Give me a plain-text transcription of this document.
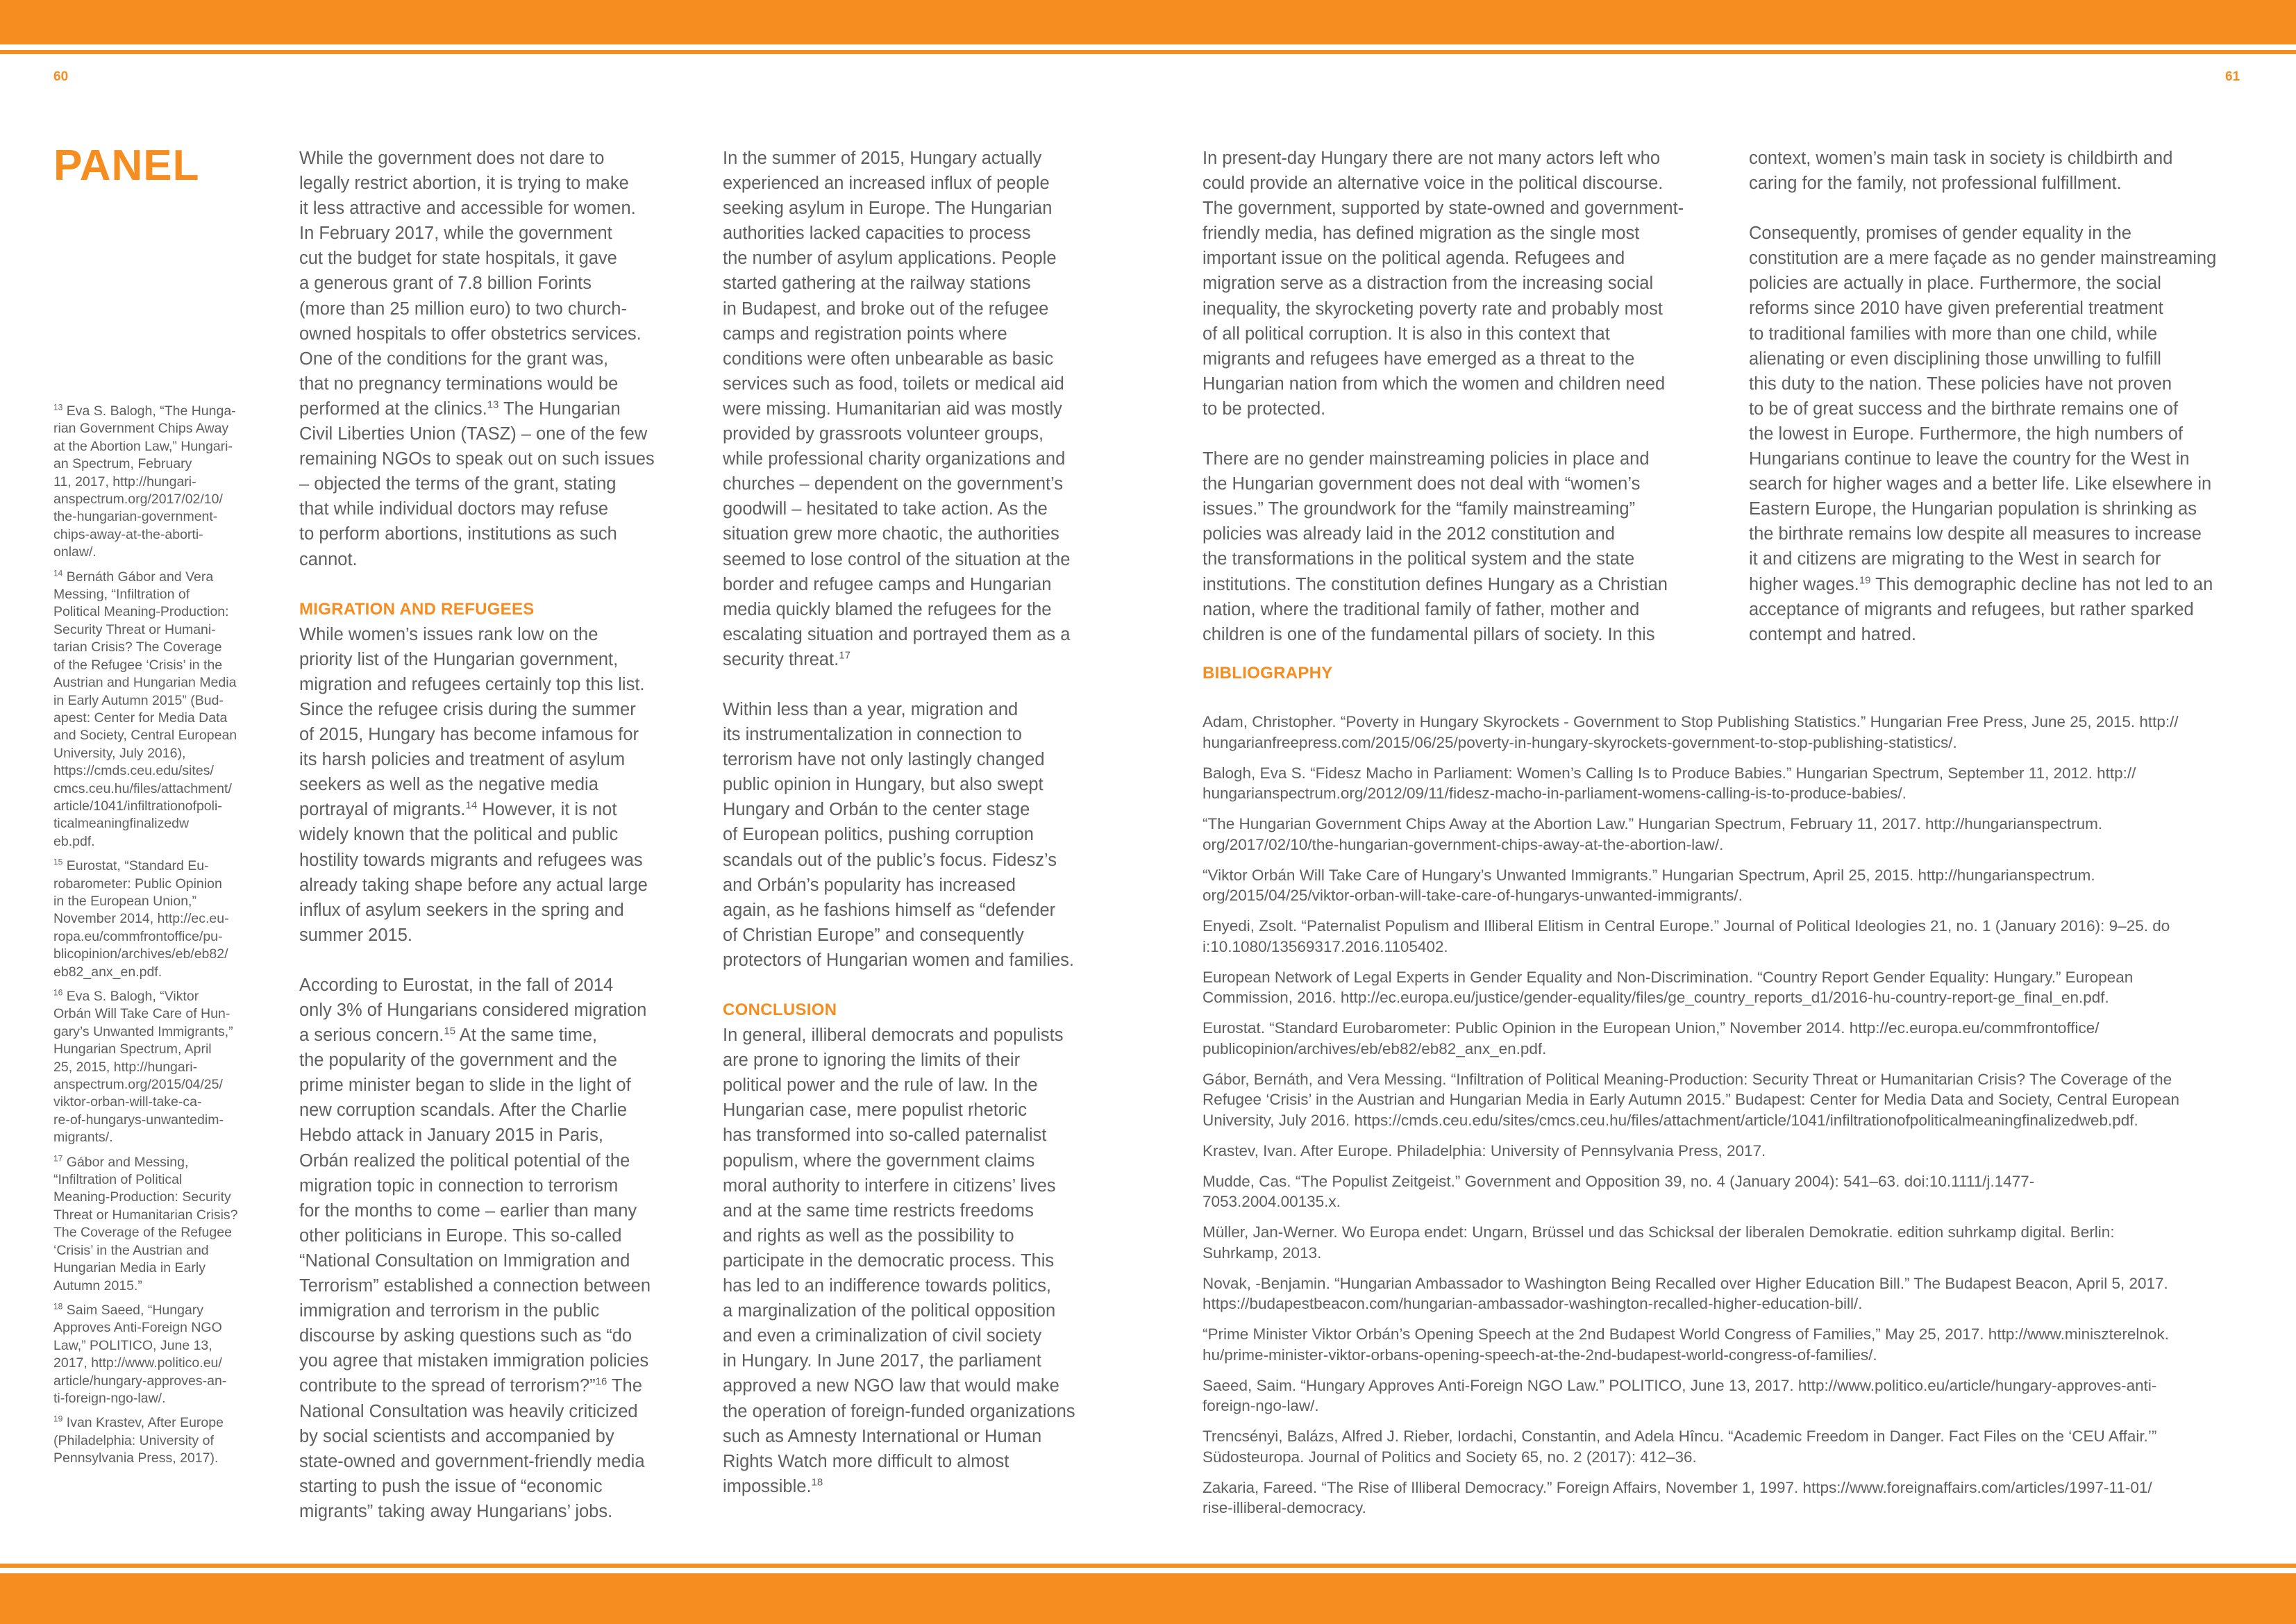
60	61
PANEL

$^{13}$ Eva S. Balogh, “The Hunga-
rian Government Chips Away
at the Abortion Law,” Hungari-
an Spectrum, February
11, 2017, http://hungari-
anspectrum.org/2017/02/10/
the-hungarian-government-
chips-away-at-the-aborti-
onlaw/.

$^{14}$ Bernáth Gábor and Vera
Messing, “Infiltration of
Political Meaning-Production:
Security Threat or Humani-
tarian Crisis? The Coverage
of the Refugee ‘Crisis’ in the
Austrian and Hungarian Media
in Early Autumn 2015” (Bud-
apest: Center for Media Data
and Society, Central European
University, July 2016),
https://cmds.ceu.edu/sites/
cmcs.ceu.hu/files/attachment/
article/1041/infiltrationofpoli-
ticalmeaningfinalizedw
eb.pdf.

$^{15}$ Eurostat, “Standard Eu-
robarometer: Public Opinion
in the European Union,”
November 2014, http://ec.eu-
ropa.eu/commfrontoffice/pu-
blicopinion/archives/eb/eb82/
eb82_anx_en.pdf.

$^{16}$ Eva S. Balogh, “Viktor
Orbán Will Take Care of Hun-
gary’s Unwanted Immigrants,”
Hungarian Spectrum, April
25, 2015, http://hungari-
anspectrum.org/2015/04/25/
viktor-orban-will-take-ca-
re-of-hungarys-unwantedim-
migrants/.

$^{17}$ Gábor and Messing,
“Infiltration of Political
Meaning-Production: Security
Threat or Humanitarian Crisis?
The Coverage of the Refugee
‘Crisis’ in the Austrian and
Hungarian Media in Early
Autumn 2015.”

$^{18}$ Saim Saeed, “Hungary
Approves Anti-Foreign NGO
Law,” POLITICO, June 13,
2017, http://www.politico.eu/
article/hungary-approves-an-
ti-foreign-ngo-law/.

$^{19}$ Ivan Krastev, After Europe
(Philadelphia: University of
Pennsylvania Press, 2017).

While the government does not dare to

legally restrict abortion, it is trying to make

it less attractive and accessible for women.

In February 2017, while the government

cut the budget for state hospitals, it gave

a generous grant of 7.8 billion Forints

(more than 25 million euro) to two church-

owned hospitals to offer obstetrics services.

One of the conditions for the grant was,

that no pregnancy terminations would be

performed at the clinics.$^{13}$ The Hungarian

Civil Liberties Union (TASZ) – one of the few

remaining NGOs to speak out on such issues

– objected the terms of the grant, stating

that while individual doctors may refuse

to perform abortions, institutions as such

cannot.

MIGRATION AND REFUGEES

While women’s issues rank low on the

priority list of the Hungarian government,

migration and refugees certainly top this list.

Since the refugee crisis during the summer

of 2015, Hungary has become infamous for

its harsh policies and treatment of asylum

seekers as well as the negative media

portrayal of migrants.$^{14}$ However, it is not

widely known that the political and public

hostility towards migrants and refugees was

already taking shape before any actual large

influx of asylum seekers in the spring and

summer 2015.

According to Eurostat, in the fall of 2014

only 3% of Hungarians considered migration

a serious concern.$^{15}$ At the same time,

the popularity of the government and the

prime minister began to slide in the light of

new corruption scandals. After the Charlie

Hebdo attack in January 2015 in Paris,

Orbán realized the political potential of the

migration topic in connection to terrorism

for the months to come – earlier than many

other politicians in Europe. This so-called

“National Consultation on Immigration and

Terrorism” established a connection between

immigration and terrorism in the public

discourse by asking questions such as “do

you agree that mistaken immigration policies

contribute to the spread of terrorism?”$^{16}$ The

National Consultation was heavily criticized

by social scientists and accompanied by

state-owned and government-friendly media

starting to push the issue of “economic

migrants” taking away Hungarians’ jobs.

In the summer of 2015, Hungary actually

experienced an increased influx of people

seeking asylum in Europe. The Hungarian

authorities lacked capacities to process

the number of asylum applications. People

started gathering at the railway stations

in Budapest, and broke out of the refugee

camps and registration points where

conditions were often unbearable as basic

services such as food, toilets or medical aid

were missing. Humanitarian aid was mostly

provided by grassroots volunteer groups,

while professional charity organizations and

churches – dependent on the government’s

goodwill – hesitated to take action. As the

situation grew more chaotic, the authorities

seemed to lose control of the situation at the

border and refugee camps and Hungarian

media quickly blamed the refugees for the

escalating situation and portrayed them as a

security threat.$^{17}$

Within less than a year, migration and

its instrumentalization in connection to

terrorism have not only lastingly changed

public opinion in Hungary, but also swept

Hungary and Orbán to the center stage

of European politics, pushing corruption

scandals out of the public’s focus. Fidesz’s

and Orbán’s popularity has increased

again, as he fashions himself as “defender

of Christian Europe” and consequently

protectors of Hungarian women and families.

CONCLUSION

In general, illiberal democrats and populists

are prone to ignoring the limits of their

political power and the rule of law. In the

Hungarian case, mere populist rhetoric

has transformed into so-called paternalist

populism, where the government claims

moral authority to interfere in citizens’ lives

and at the same time restricts freedoms

and rights as well as the possibility to

participate in the democratic process. This

has led to an indifference towards politics,

a marginalization of the political opposition

and even a criminalization of civil society

in Hungary. In June 2017, the parliament

approved a new NGO law that would make

the operation of foreign-funded organizations

such as Amnesty International or Human

Rights Watch more difficult to almost

impossible.$^{18}$

In present-day Hungary there are not many actors left who

could provide an alternative voice in the political discourse.

The government, supported by state-owned and government-

friendly media, has defined migration as the single most

important issue on the political agenda. Refugees and

migration serve as a distraction from the increasing social

inequality, the skyrocketing poverty rate and probably most

of all political corruption. It is also in this context that

migrants and refugees have emerged as a threat to the

Hungarian nation from which the women and children need

to be protected.

There are no gender mainstreaming policies in place and

the Hungarian government does not deal with “women’s

issues.” The groundwork for the “family mainstreaming”

policies was already laid in the 2012 constitution and

the transformations in the political system and the state

institutions. The constitution defines Hungary as a Christian

nation, where the traditional family of father, mother and

children is one of the fundamental pillars of society. In this

BIBLIOGRAPHY

context, women’s main task in society is childbirth and

caring for the family, not professional fulfillment.

Consequently, promises of gender equality in the

constitution are a mere façade as no gender mainstreaming

policies are actually in place. Furthermore, the social

reforms since 2010 have given preferential treatment

to traditional families with more than one child, while

alienating or even disciplining those unwilling to fulfill

this duty to the nation. These policies have not proven

to be of great success and the birthrate remains one of

the lowest in Europe. Furthermore, the high numbers of

Hungarians continue to leave the country for the West in

search for higher wages and a better life. Like elsewhere in

Eastern Europe, the Hungarian population is shrinking as

the birthrate remains low despite all measures to increase

it and citizens are migrating to the West in search for

higher wages.$^{19}$ This demographic decline has not led to an

acceptance of migrants and refugees, but rather sparked

contempt and hatred.

Adam, Christopher. “Poverty in Hungary Skyrockets - Government to Stop Publishing Statistics.” Hungarian Free Press, June 25, 2015. http://
hungarianfreepress.com/2015/06/25/poverty-in-hungary-skyrockets-government-to-stop-publishing-statistics/.

Balogh, Eva S. “Fidesz Macho in Parliament: Women’s Calling Is to Produce Babies.” Hungarian Spectrum, September 11, 2012. http://
hungarianspectrum.org/2012/09/11/fidesz-macho-in-parliament-womens-calling-is-to-produce-babies/.

“The Hungarian Government Chips Away at the Abortion Law.” Hungarian Spectrum, February 11, 2017. http://hungarianspectrum.
org/2017/02/10/the-hungarian-government-chips-away-at-the-abortion-law/.

“Viktor Orbán Will Take Care of Hungary’s Unwanted Immigrants.” Hungarian Spectrum, April 25, 2015. http://hungarianspectrum.
org/2015/04/25/viktor-orban-will-take-care-of-hungarys-unwanted-immigrants/.

Enyedi, Zsolt. “Paternalist Populism and Illiberal Elitism in Central Europe.” Journal of Political Ideologies 21, no. 1 (January 2016): 9–25. do
i:10.1080/13569317.2016.1105402.

European Network of Legal Experts in Gender Equality and Non-Discrimination. “Country Report Gender Equality: Hungary.” European
Commission, 2016. http://ec.europa.eu/justice/gender-equality/files/ge_country_reports_d1/2016-hu-country-report-ge_final_en.pdf.

Eurostat. “Standard Eurobarometer: Public Opinion in the European Union,” November 2014. http://ec.europa.eu/commfrontoffice/
publicopinion/archives/eb/eb82/eb82_anx_en.pdf.

Gábor, Bernáth, and Vera Messing. “Infiltration of Political Meaning-Production: Security Threat or Humanitarian Crisis? The Coverage of the
Refugee ‘Crisis’ in the Austrian and Hungarian Media in Early Autumn 2015.” Budapest: Center for Media Data and Society, Central European
University, July 2016. https://cmds.ceu.edu/sites/cmcs.ceu.hu/files/attachment/article/1041/infiltrationofpoliticalmeaningfinalizedweb.pdf.

Krastev, Ivan. After Europe. Philadelphia: University of Pennsylvania Press, 2017.

Mudde, Cas. “The Populist Zeitgeist.” Government and Opposition 39, no. 4 (January 2004): 541–63. doi:10.1111/j.1477-
7053.2004.00135.x.

Müller, Jan-Werner. Wo Europa endet: Ungarn, Brüssel und das Schicksal der liberalen Demokratie. edition suhrkamp digital. Berlin:
Suhrkamp, 2013.

Novak, -Benjamin. “Hungarian Ambassador to Washington Being Recalled over Higher Education Bill.” The Budapest Beacon, April 5, 2017.
https://budapestbeacon.com/hungarian-ambassador-washington-recalled-higher-education-bill/.

“Prime Minister Viktor Orbán’s Opening Speech at the 2nd Budapest World Congress of Families,” May 25, 2017. http://www.miniszterelnok.
hu/prime-minister-viktor-orbans-opening-speech-at-the-2nd-budapest-world-congress-of-families/.

Saeed, Saim. “Hungary Approves Anti-Foreign NGO Law.” POLITICO, June 13, 2017. http://www.politico.eu/article/hungary-approves-anti-
foreign-ngo-law/.

Trencsényi, Balázs, Alfred J. Rieber, Iordachi, Constantin, and Adela Hîncu. “Academic Freedom in Danger. Fact Files on the ‘CEU Affair.’”
Südosteuropa. Journal of Politics and Society 65, no. 2 (2017): 412–36.

Zakaria, Fareed. “The Rise of Illiberal Democracy.” Foreign Affairs, November 1, 1997. https://www.foreignaffairs.com/articles/1997-11-01/
rise-illiberal-democracy.
